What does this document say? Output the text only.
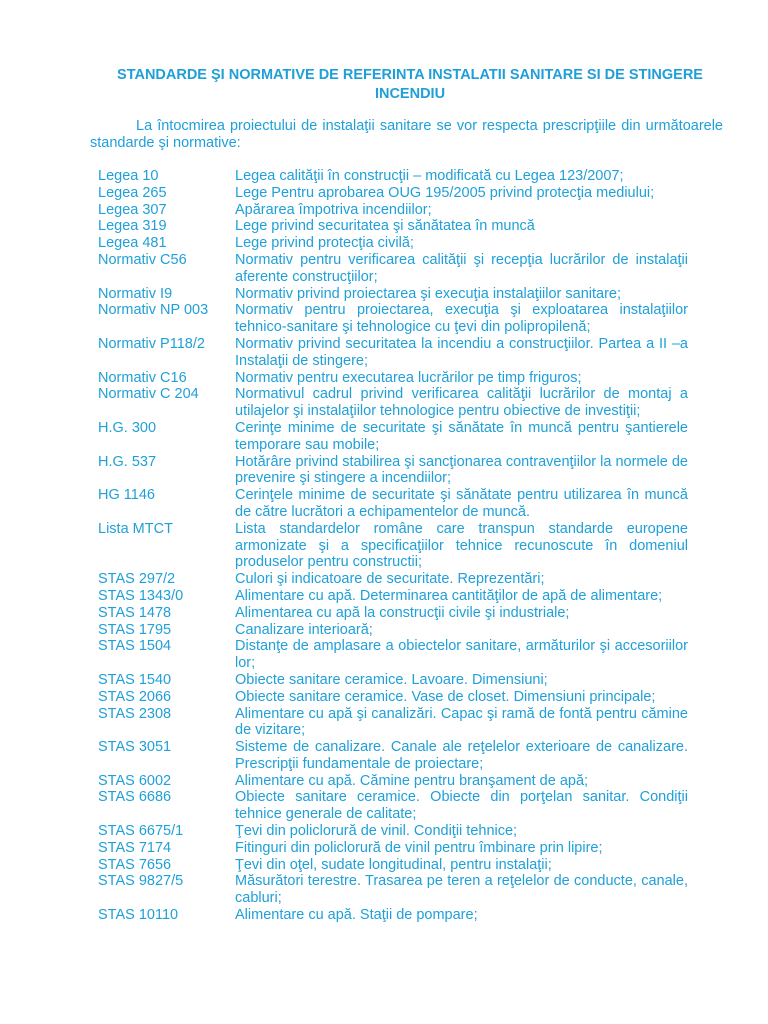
STANDARDE ŞI NORMATIVE DE REFERINTA INSTALATII SANITARE SI DE STINGERE INCENDIU
La întocmirea proiectului de instalaţii sanitare se vor respecta prescripţiile din următoarele standarde şi normative:
Legea 10	Legea calităţii în construcţii – modificată cu Legea 123/2007;
Legea 265	Lege Pentru aprobarea OUG 195/2005 privind protecţia mediului;
Legea 307	Apărarea împotriva incendiilor;
Legea 319	Lege privind securitatea şi sănătatea în muncă
Legea 481	Lege privind protecţia civilă;
Normativ C56	Normativ pentru verificarea calităţii şi recepţia lucrărilor de instalaţii aferente construcţiilor;
Normativ I9	Normativ privind proiectarea şi execuţia instalaţiilor sanitare;
Normativ NP 003	Normativ pentru proiectarea, execuţia şi exploatarea instalaţiilor tehnico-sanitare şi tehnologice cu ţevi din polipropilenă;
Normativ P118/2	Normativ privind securitatea la incendiu a construcţiilor. Partea a II –a Instalaţii de stingere;
Normativ C16	Normativ pentru executarea lucrărilor pe timp friguros;
Normativ C 204	Normativul cadrul privind verificarea calităţii lucrărilor de montaj a utilajelor şi instalaţiilor tehnologice pentru obiective de investiţii;
H.G. 300	Cerinţe minime de securitate şi sănătate în muncă pentru şantierele temporare sau mobile;
H.G. 537	Hotărâre privind stabilirea şi sancţionarea contravenţiilor la normele de prevenire şi stingere a incendiilor;
HG 1146	Cerinţele minime de securitate şi sănătate pentru utilizarea în muncă de către lucrători a echipamentelor de muncă.
Lista MTCT	Lista standardelor române care transpun standarde europene armonizate şi a specificaţiilor tehnice recunoscute în domeniul produselor pentru constructii;
STAS 297/2	Culori şi indicatoare de securitate. Reprezentări;
STAS 1343/0	Alimentare cu apă. Determinarea cantităţilor de apă de alimentare;
STAS 1478	Alimentarea cu apă la construcţii civile şi industriale;
STAS 1795	Canalizare interioară;
STAS 1504	Distanţe de amplasare a obiectelor sanitare, armăturilor şi accesoriilor lor;
STAS 1540	Obiecte sanitare ceramice. Lavoare. Dimensiuni;
STAS 2066	Obiecte sanitare ceramice. Vase de closet. Dimensiuni principale;
STAS 2308	Alimentare cu apă şi canalizări. Capac şi ramă de fontă pentru cămine de vizitare;
STAS 3051	Sisteme de canalizare. Canale ale reţelelor exterioare de canalizare. Prescripţii fundamentale de proiectare;
STAS 6002	Alimentare cu apă. Cămine pentru branşament de apă;
STAS 6686	Obiecte sanitare ceramice. Obiecte din porţelan sanitar. Condiţii tehnice generale de calitate;
STAS 6675/1	Ţevi din policlorură de vinil. Condiţii tehnice;
STAS 7174	Fitinguri din policlorură de vinil pentru îmbinare prin lipire;
STAS 7656	Ţevi din oţel, sudate longitudinal, pentru instalaţii;
STAS 9827/5	Măsurători terestre. Trasarea pe teren a reţelelor de conducte, canale, cabluri;
STAS 10110	Alimentare cu apă. Staţii de pompare;
